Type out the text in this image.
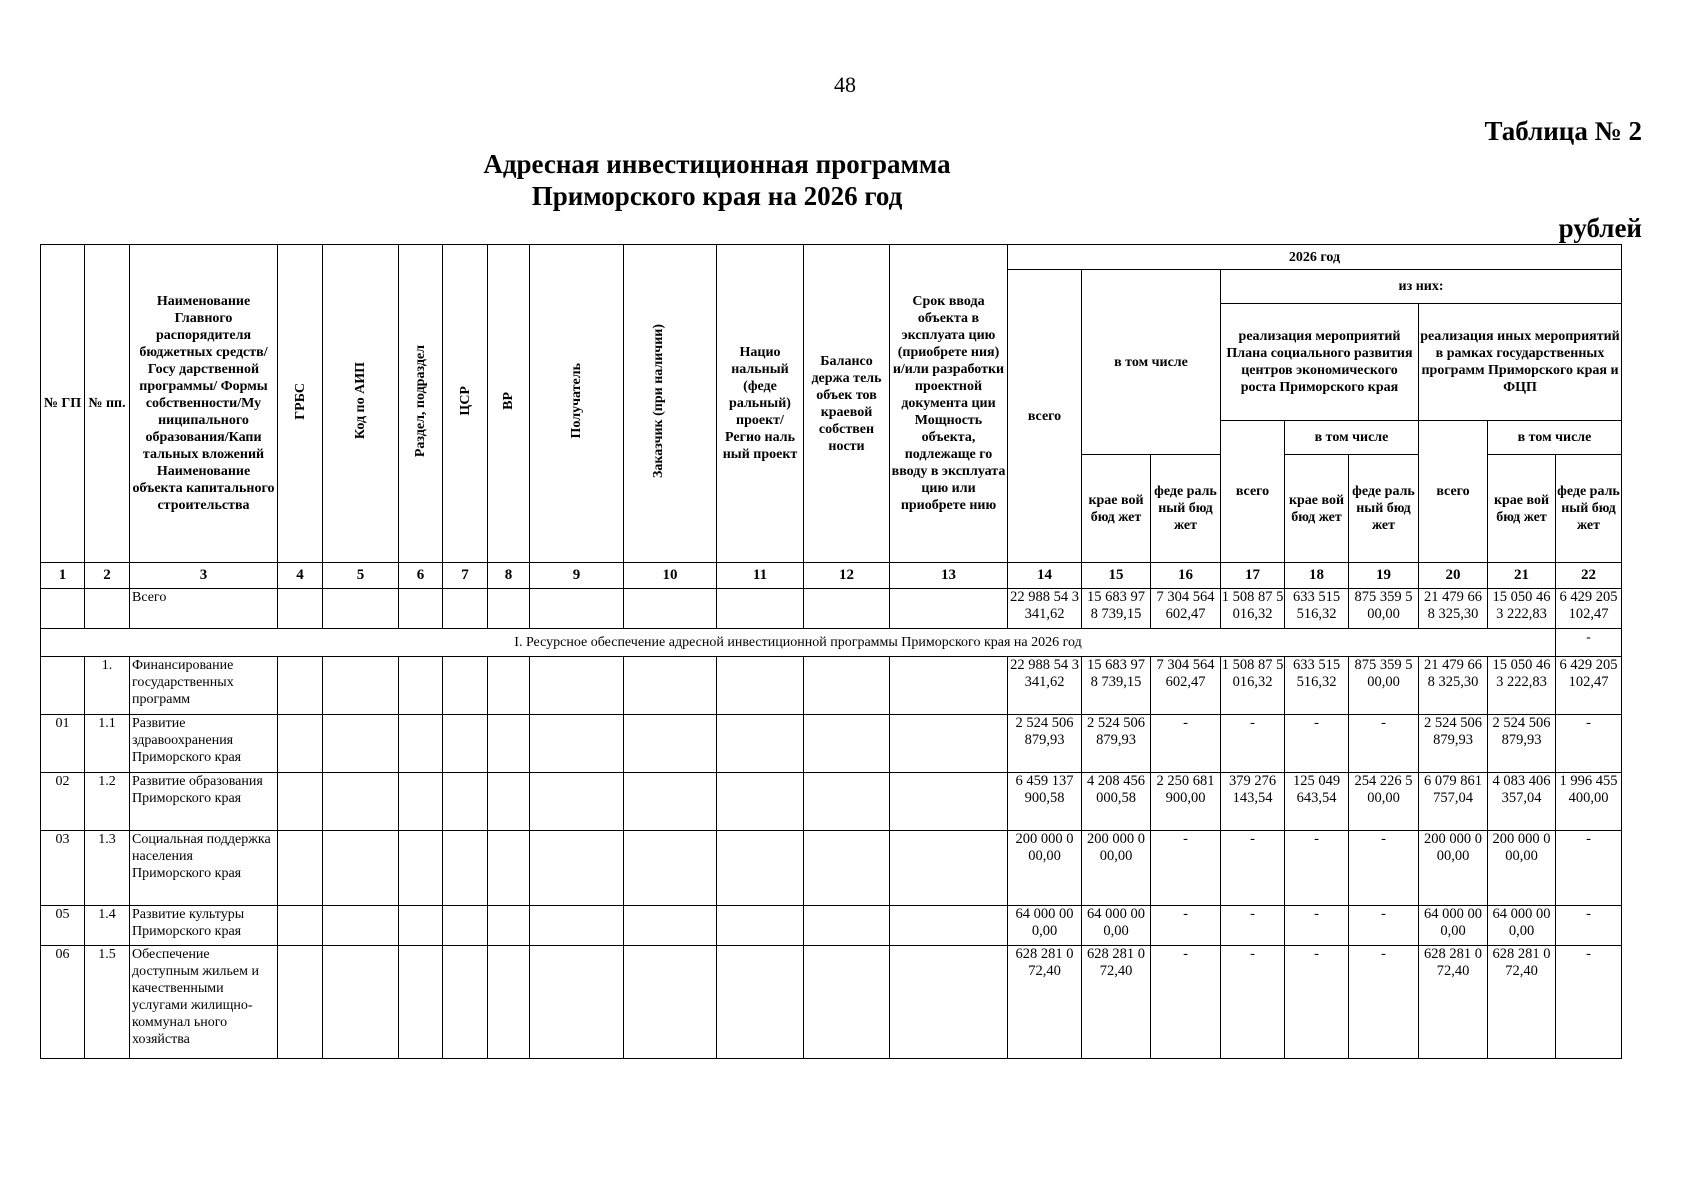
48
Таблица № 2
Адресная инвестиционная программа
Приморского края на 2026 год
рублей
№ ГП	№ пп.	Наименование Главного распорядителя бюджетных средств/Госу дарственной программы/ Формы собственности/Му ниципального образования/Капи тальных вложений Наименование объекта капитального строительства	ГРБС	Код по АИП	Раздел, подраздел	ЦСР	ВР	Получатель	Заказчик (при наличии)	Нацио нальный (феде ральный) проект/ Регио наль ный проект	Балансо держа тель объек тов краевой собствен ности	Срок ввода объекта в эксплуата цию (приобрете ния) и/или разработки проектной документа ции Мощность объекта, подлежаще го вводу в эксплуата цию или приобрете нию	2026 год								
													всего	в том числе		из них:					
																реализация мероприятий Плана социального развития центров экономического роста Приморского края			реализация иных мероприятий в рамках государственных программ Приморского края и ФЦП		
																всего	в том числе		всего	в том числе	
														крае вой бюд жет	феде раль ный бюд жет		крае вой бюд жет	феде раль ный бюд жет		крае вой бюд жет	феде раль ный бюд жет

1	2	3	4	5	6	7	8	9	10	11	12	13	14	15	16	17	18	19	20	21	22
		Всего											22 988 54 3 341,62	15 683 97 8 739,15	7 304 564 602,47	1 508 87 5 016,32	633 515 516,32	875 359 5 00,00	21 479 66 8 325,30	15 050 46 3 222,83	6 429 205 102,47
I. Ресурсное обеспечение адресной инвестиционной программы Приморского края на 2026 год																					-
	1.	Финансирование государственных программ											22 988 54 3 341,62	15 683 97 8 739,15	7 304 564 602,47	1 508 87 5 016,32	633 515 516,32	875 359 5 00,00	21 479 66 8 325,30	15 050 46 3 222,83	6 429 205 102,47
01	1.1	Развитие здравоохранения Приморского края											2 524 506 879,93	2 524 506 879,93	-	-	-	-	2 524 506 879,93	2 524 506 879,93	-
02	1.2	Развитие образования Приморского края											6 459 137 900,58	4 208 456 000,58	2 250 681 900,00	379 276 143,54	125 049 643,54	254 226 5 00,00	6 079 861 757,04	4 083 406 357,04	1 996 455 400,00
03	1.3	Социальная поддержка населения Приморского края											200 000 0 00,00	200 000 0 00,00	-	-	-	-	200 000 0 00,00	200 000 0 00,00	-
05	1.4	Развитие культуры Приморского края											64 000 00 0,00	64 000 00 0,00	-	-	-	-	64 000 00 0,00	64 000 00 0,00	-
06	1.5	Обеспечение доступным жильем и качественными услугами жилищно-коммунал ьного хозяйства											628 281 0 72,40	628 281 0 72,40	-	-	-	-	628 281 0 72,40	628 281 0 72,40	-
